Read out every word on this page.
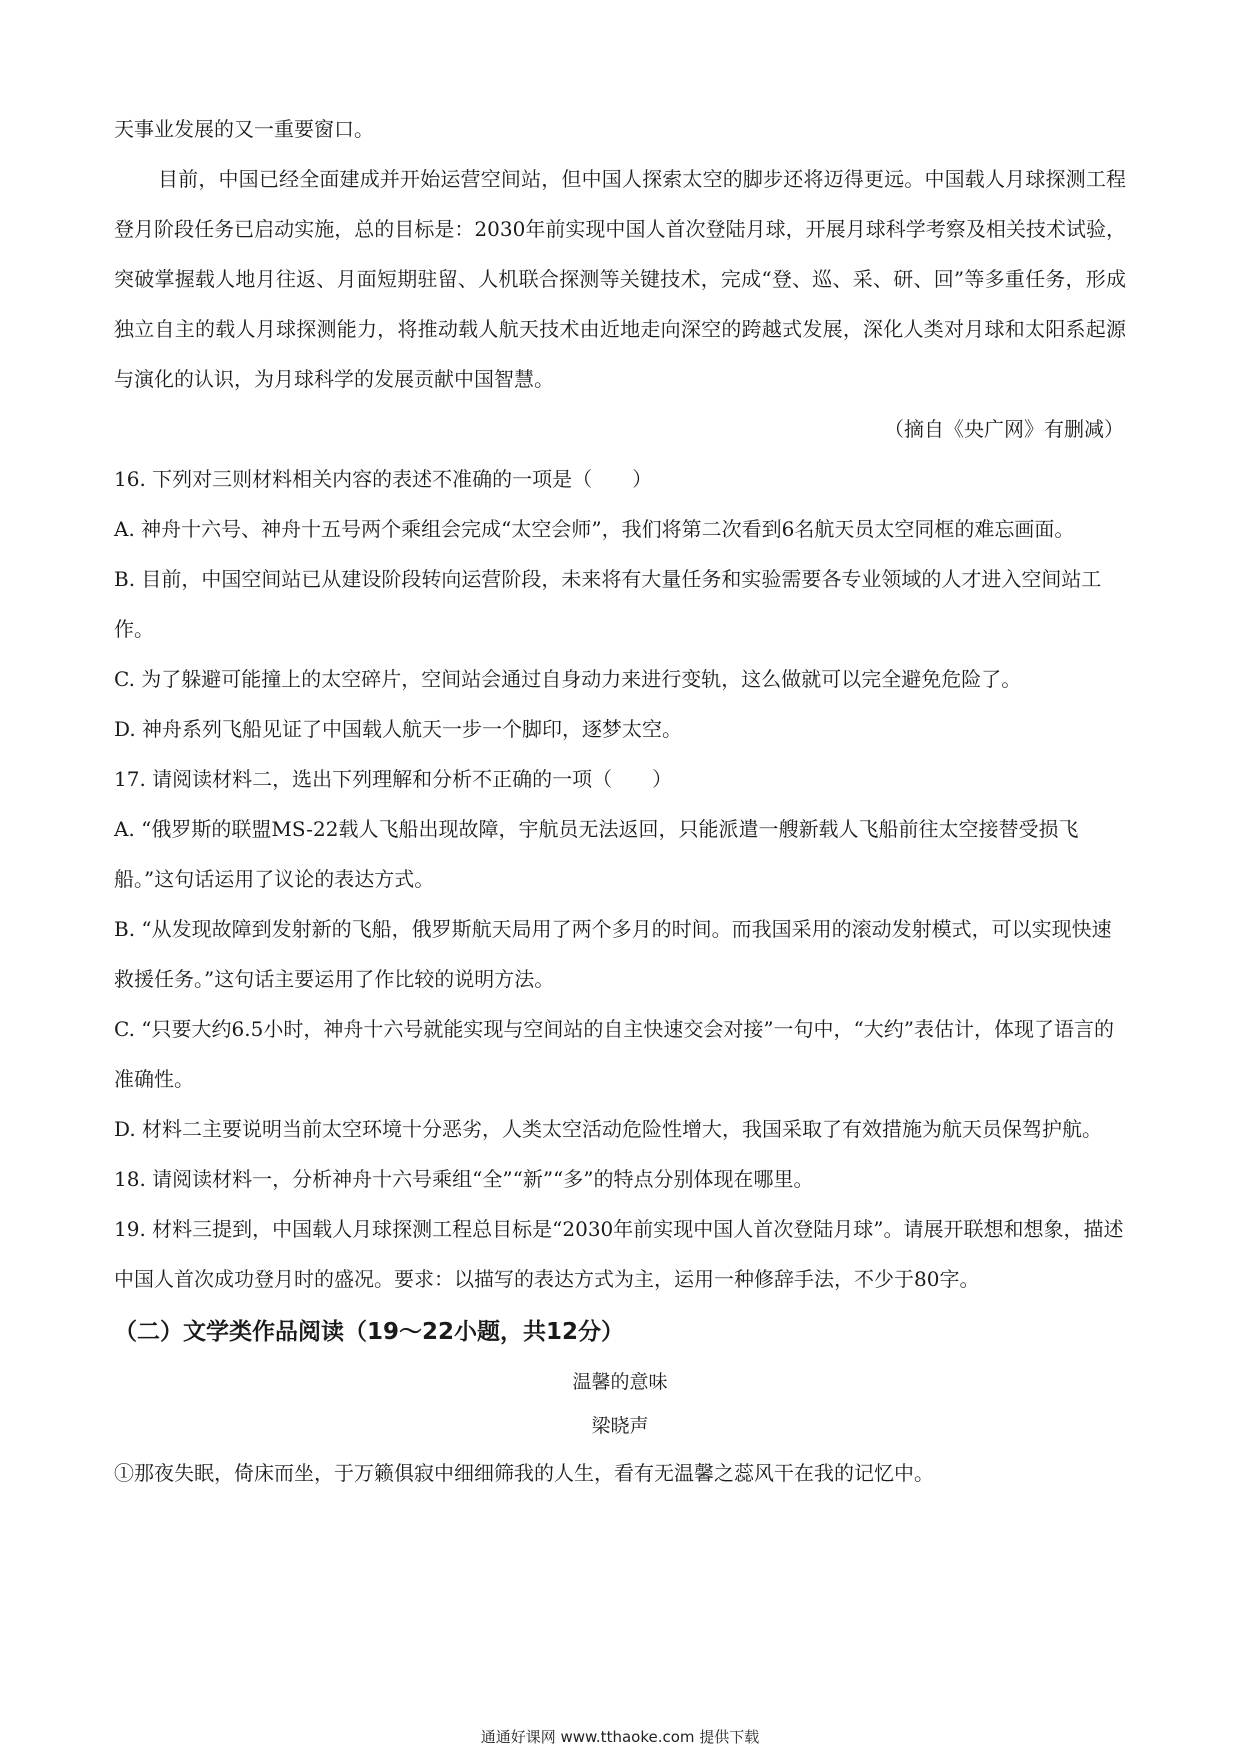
天事业发展的又一重要窗口。

目前，中国已经全面建成并开始运营空间站，但中国人探索太空的脚步还将迈得更远。中国载人月球探测工程登月阶段任务已启动实施，总的目标是：2030年前实现中国人首次登陆月球，开展月球科学考察及相关技术试验，突破掌握载人地月往返、月面短期驻留、人机联合探测等关键技术，完成“登、巡、采、研、回”等多重任务，形成独立自主的载人月球探测能力，将推动载人航天技术由近地走向深空的跨越式发展，深化人类对月球和太阳系起源与演化的认识，为月球科学的发展贡献中国智慧。

（摘自《央广网》有删减）

16. 下列对三则材料相关内容的表述不准确的一项是（　　）

A. 神舟十六号、神舟十五号两个乘组会完成“太空会师”，我们将第二次看到6名航天员太空同框的难忘画面。

B. 目前，中国空间站已从建设阶段转向运营阶段，未来将有大量任务和实验需要各专业领域的人才进入空间站工作。

C. 为了躲避可能撞上的太空碎片，空间站会通过自身动力来进行变轨，这么做就可以完全避免危险了。

D. 神舟系列飞船见证了中国载人航天一步一个脚印，逐梦太空。

17. 请阅读材料二，选出下列理解和分析不正确的一项（　　）

A. “俄罗斯的联盟MS-22载人飞船出现故障，宇航员无法返回，只能派遣一艘新载人飞船前往太空接替受损飞船。”这句话运用了议论的表达方式。

B. “从发现故障到发射新的飞船，俄罗斯航天局用了两个多月的时间。而我国采用的滚动发射模式，可以实现快速救援任务。”这句话主要运用了作比较的说明方法。

C. “只要大约6.5小时，神舟十六号就能实现与空间站的自主快速交会对接”一句中，“大约”表估计，体现了语言的准确性。

D. 材料二主要说明当前太空环境十分恶劣，人类太空活动危险性增大，我国采取了有效措施为航天员保驾护航。

18. 请阅读材料一，分析神舟十六号乘组“全”“新”“多”的特点分别体现在哪里。

19. 材料三提到，中国载人月球探测工程总目标是“2030年前实现中国人首次登陆月球”。请展开联想和想象，描述中国人首次成功登月时的盛况。要求：以描写的表达方式为主，运用一种修辞手法，不少于80字。

（二）文学类作品阅读（19～22小题，共12分）

温馨的意味

梁晓声

①那夜失眠，倚床而坐，于万籁俱寂中细细筛我的人生，看有无温馨之蕊风干在我的记忆中。

通通好课网 www.tthaoke.com 提供下载
